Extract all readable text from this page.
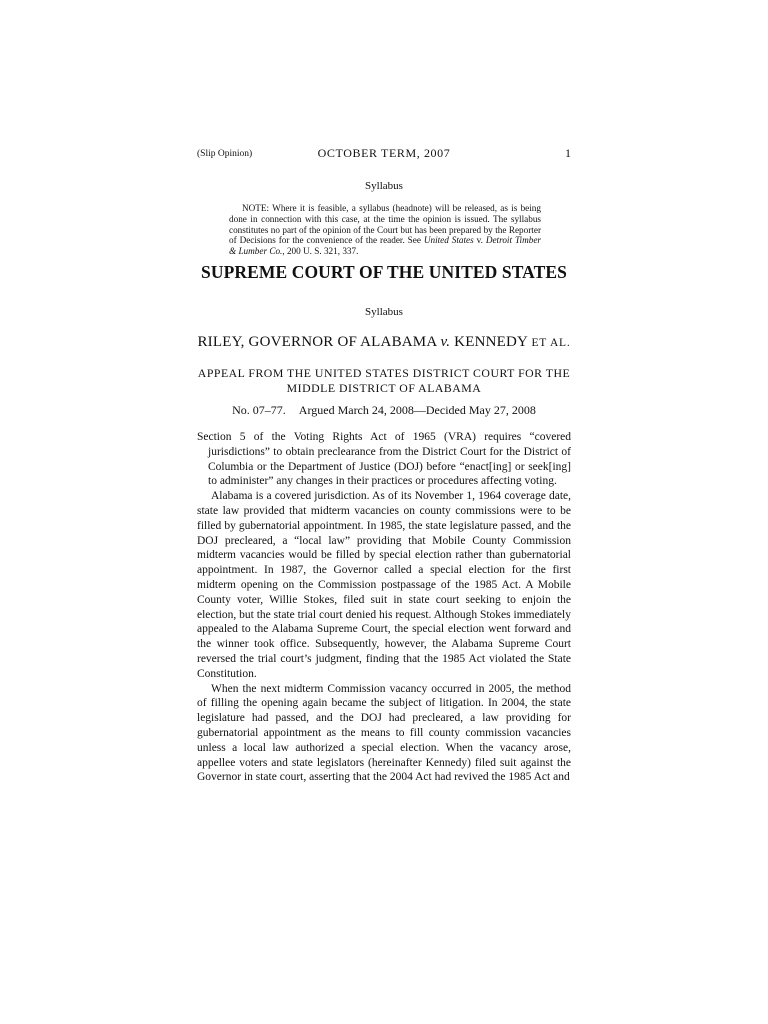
(Slip Opinion)	OCTOBER TERM, 2007	1
Syllabus

NOTE: Where it is feasible, a syllabus (headnote) will be released, as is being done in connection with this case, at the time the opinion is issued. The syllabus constitutes no part of the opinion of the Court but has been prepared by the Reporter of Decisions for the convenience of the reader. See United States v. Detroit Timber & Lumber Co., 200 U. S. 321, 337.

SUPREME COURT OF THE UNITED STATES
Syllabus
RILEY, GOVERNOR OF ALABAMA v. KENNEDY ET AL.
APPEAL FROM THE UNITED STATES DISTRICT COURT FOR THE MIDDLE DISTRICT OF ALABAMA
No. 07–77. Argued March 24, 2008—Decided May 27, 2008

Section 5 of the Voting Rights Act of 1965 (VRA) requires “covered jurisdictions” to obtain preclearance from the District Court for the District of Columbia or the Department of Justice (DOJ) before “enact[ing] or seek[ing] to administer” any changes in their practices or procedures affecting voting.

Alabama is a covered jurisdiction. As of its November 1, 1964 coverage date, state law provided that midterm vacancies on county commissions were to be filled by gubernatorial appointment. In 1985, the state legislature passed, and the DOJ precleared, a “local law” providing that Mobile County Commission midterm vacancies would be filled by special election rather than gubernatorial appointment. In 1987, the Governor called a special election for the first midterm opening on the Commission postpassage of the 1985 Act. A Mobile County voter, Willie Stokes, filed suit in state court seeking to enjoin the election, but the state trial court denied his request. Although Stokes immediately appealed to the Alabama Supreme Court, the special election went forward and the winner took office. Subsequently, however, the Alabama Supreme Court reversed the trial court’s judgment, finding that the 1985 Act violated the State Constitution.

When the next midterm Commission vacancy occurred in 2005, the method of filling the opening again became the subject of litigation. In 2004, the state legislature had passed, and the DOJ had precleared, a law providing for gubernatorial appointment as the means to fill county commission vacancies unless a local law authorized a special election. When the vacancy arose, appellee voters and state legislators (hereinafter Kennedy) filed suit against the Governor in state court, asserting that the 2004 Act had revived the 1985 Act and
